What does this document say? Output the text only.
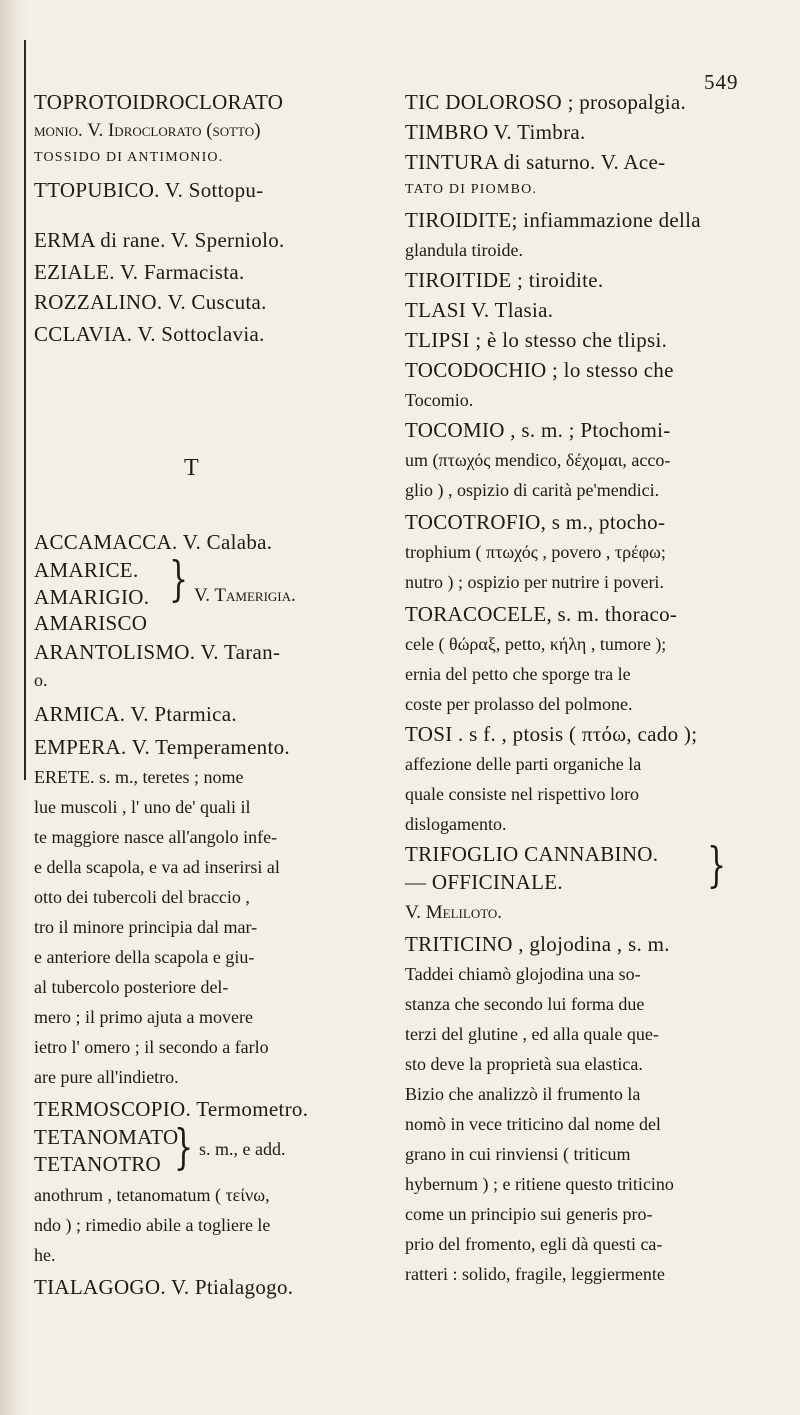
549
T
} V. Tamerigia.
} s. m., e add.
TOPROTOIDROCLORATO
monio. V. Idroclorato (sotto)
TOSSIDO DI ANTIMONIO.
TTOPUBICO. V. Sottopu-
ERMA di rane. V. Sperniolo.
EZIALE. V. Farmacista.
ROZZALINO. V. Cuscuta.
CCLAVIA. V. Sottoclavia.
ACCAMACCA. V. Calaba.
AMARICE.
AMARIGIO.
AMARISCO
ARANTOLISMO. V. Taran-
o.
ARMICA. V. Ptarmica.
EMPERA. V. Temperamento.
ERETE. s. m., teretes ; nome
lue muscoli , l' uno de' quali il
te maggiore nasce all'angolo infe-
e della scapola, e va ad inserirsi al
otto dei tubercoli del braccio ,
tro il minore principia dal mar-
e anteriore della scapola e giu-
al tubercolo posteriore del-
mero ; il primo ajuta a movere
ietro l' omero ; il secondo a farlo
are pure all'indietro.
TERMOSCOPIO. Termometro.
TETANOMATO
TETANOTRO
anothrum , tetanomatum ( τείνω,
ndo ) ; rimedio abile a togliere le
he.
TIALAGOGO. V. Ptialagogo.
}
TIC DOLOROSO ; prosopalgia.
TIMBRO V. Timbra.
TINTURA di saturno. V. Ace-
TATO DI PIOMBO.
TIROIDITE; infiammazione della
glandula tiroide.
TIROITIDE ; tiroidite.
TLASI V. Tlasia.
TLIPSI ; è lo stesso che tlipsi.
TOCODOCHIO ; lo stesso che
Tocomio.
TOCOMIO , s. m. ; Ptochomi-
um (πτωχός mendico, δέχομαι, acco-
glio ) , ospizio di carità pe'mendici.
TOCOTROFIO, s m., ptocho-
trophium ( πτωχός , povero , τρέφω;
nutro ) ; ospizio per nutrire i poveri.
TORACOCELE, s. m. thoraco-
cele ( θώραξ, petto, κήλη , tumore );
ernia del petto che sporge tra le
coste per prolasso del polmone.
TOSI . s f. , ptosis ( πτόω, cado );
affezione delle parti organiche la
quale consiste nel rispettivo loro
dislogamento.
TRIFOGLIO CANNABINO.
— OFFICINALE.
V. Meliloto.
TRITICINO , glojodina , s. m.
Taddei chiamò glojodina una so-
stanza che secondo lui forma due
terzi del glutine , ed alla quale que-
sto deve la proprietà sua elastica.
Bizio che analizzò il frumento la
nomò in vece triticino dal nome del
grano in cui rinviensi ( triticum
hybernum ) ; e ritiene questo triticino
come un principio sui generis pro-
prio del fromento, egli dà questi ca-
ratteri : solido, fragile, leggiermente
